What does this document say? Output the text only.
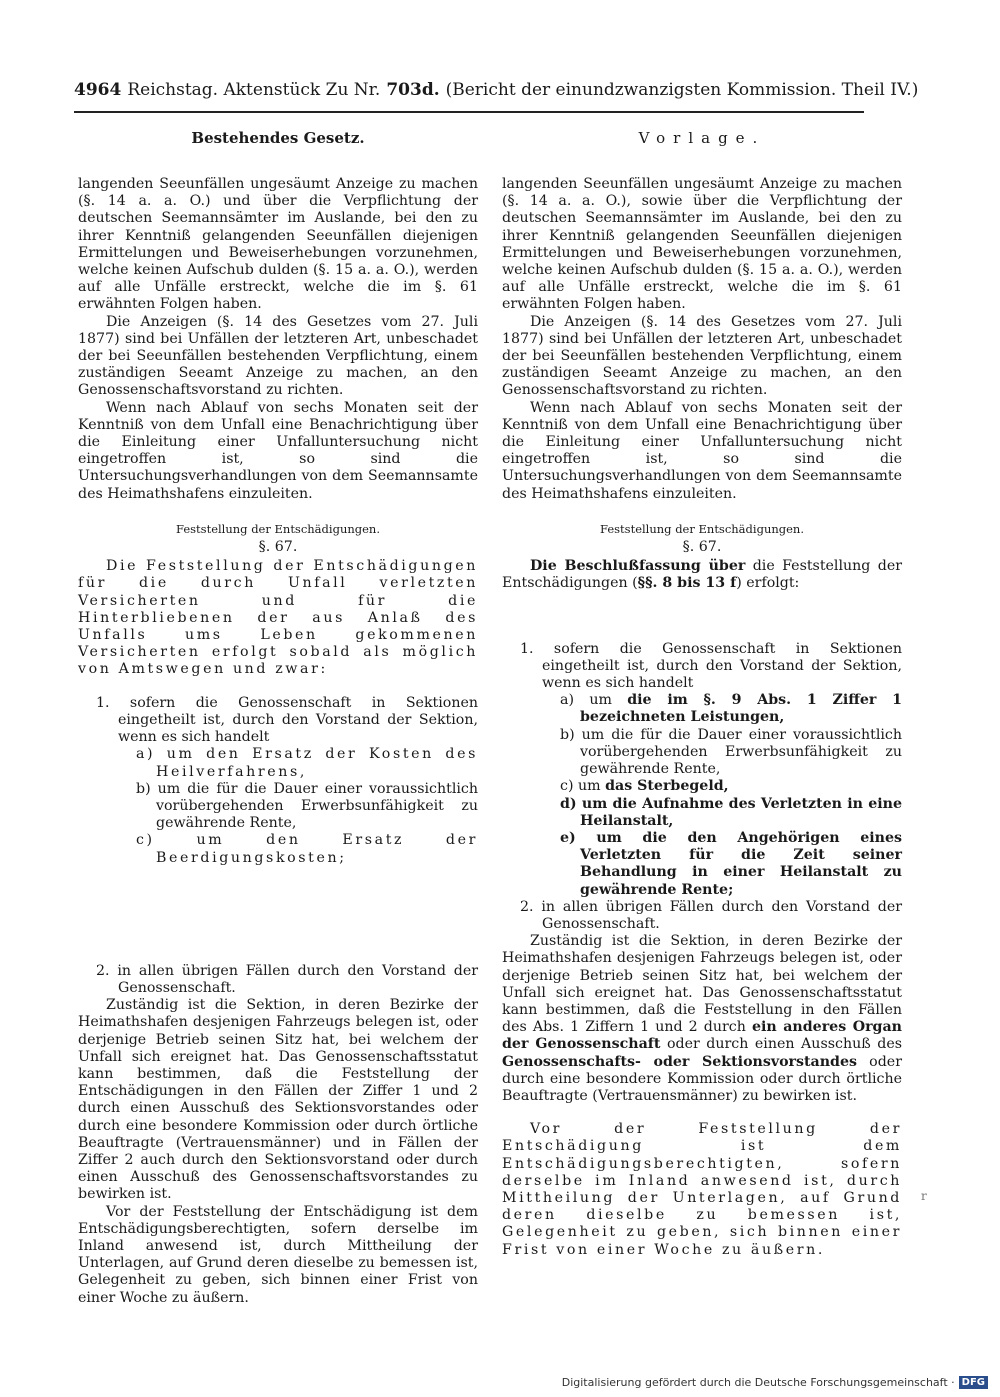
4964 Reichstag. Aktenstück Zu Nr. 703d. (Bericht der einundzwanzigsten Kommission. Theil IV.)
Bestehendes Gesetz.

langenden Seeunfällen ungesäumt Anzeige zu machen (§. 14 a. a. O.) und über die Verpflichtung der deutschen Seemannsämter im Auslande, bei den zu ihrer Kenntniß gelangenden Seeunfällen diejenigen Ermittelungen und Beweiserhebungen vorzunehmen, welche keinen Aufschub dulden (§. 15 a. a. O.), werden auf alle Unfälle erstreckt, welche die im §. 61 erwähnten Folgen haben.

Die Anzeigen (§. 14 des Gesetzes vom 27. Juli 1877) sind bei Unfällen der letzteren Art, unbeschadet der bei Seeunfällen bestehenden Verpflichtung, einem zuständigen Seeamt Anzeige zu machen, an den Genossenschaftsvorstand zu richten.

Wenn nach Ablauf von sechs Monaten seit der Kenntniß von dem Unfall eine Benachrichtigung über die Einleitung einer Unfalluntersuchung nicht eingetroffen ist, so sind die Untersuchungsverhandlungen von dem Seemannsamte des Heimathshafens einzuleiten.

Feststellung der Entschädigungen.
§. 67.

Die Feststellung der Entschädigungen für die durch Unfall verletzten Versicherten und für die Hinterbliebenen der aus Anlaß des Unfalls ums Leben gekommenen Versicherten erfolgt sobald als möglich von Amtswegen und zwar:

1. sofern die Genossenschaft in Sektionen eingetheilt ist, durch den Vorstand der Sektion, wenn es sich handelt

a) um den Ersatz der Kosten des Heilverfahrens,

b) um die für die Dauer einer voraussichtlich vorübergehenden Erwerbsunfähigkeit zu gewährende Rente,

c) um den Ersatz der Beerdigungskosten;

2. in allen übrigen Fällen durch den Vorstand der Genossenschaft.

Zuständig ist die Sektion, in deren Bezirke der Heimathshafen desjenigen Fahrzeugs belegen ist, oder derjenige Betrieb seinen Sitz hat, bei welchem der Unfall sich ereignet hat. Das Genossenschaftsstatut kann bestimmen, daß die Feststellung der Entschädigungen in den Fällen der Ziffer 1 und 2 durch einen Ausschuß des Sektionsvorstandes oder durch eine besondere Kommission oder durch örtliche Beauftragte (Vertrauensmänner) und in Fällen der Ziffer 2 auch durch den Sektionsvorstand oder durch einen Ausschuß des Genossenschaftsvorstandes zu bewirken ist.

Vor der Feststellung der Entschädigung ist dem Entschädigungsberechtigten, sofern derselbe im Inland anwesend ist, durch Mittheilung der Unterlagen, auf Grund deren dieselbe zu bemessen ist, Gelegenheit zu geben, sich binnen einer Frist von einer Woche zu äußern.

Vorlage.

langenden Seeunfällen ungesäumt Anzeige zu machen (§. 14 a. a. O.), sowie über die Verpflichtung der deutschen Seemannsämter im Auslande, bei den zu ihrer Kenntniß gelangenden Seeunfällen diejenigen Ermittelungen und Beweiserhebungen vorzunehmen, welche keinen Aufschub dulden (§. 15 a. a. O.), werden auf alle Unfälle erstreckt, welche die im §. 61 erwähnten Folgen haben.

Die Anzeigen (§. 14 des Gesetzes vom 27. Juli 1877) sind bei Unfällen der letzteren Art, unbeschadet der bei Seeunfällen bestehenden Verpflichtung, einem zuständigen Seeamt Anzeige zu machen, an den Genossenschaftsvorstand zu richten.

Wenn nach Ablauf von sechs Monaten seit der Kenntniß von dem Unfall eine Benachrichtigung über die Einleitung einer Unfalluntersuchung nicht eingetroffen ist, so sind die Untersuchungsverhandlungen von dem Seemannsamte des Heimathshafens einzuleiten.

Feststellung der Entschädigungen.
§. 67.

Die Beschlußfassung über die Feststellung der Entschädigungen (§§. 8 bis 13 f) erfolgt:

1. sofern die Genossenschaft in Sektionen eingetheilt ist, durch den Vorstand der Sektion, wenn es sich handelt

a) um die im §. 9 Abs. 1 Ziffer 1 bezeichneten Leistungen,

b) um die für die Dauer einer voraussichtlich vorübergehenden Erwerbsunfähigkeit zu gewährende Rente,

c) um das Sterbegeld,

d) um die Aufnahme des Verletzten in eine Heilanstalt,

e) um die den Angehörigen eines Verletzten für die Zeit seiner Behandlung in einer Heilanstalt zu gewährende Rente;

2. in allen übrigen Fällen durch den Vorstand der Genossenschaft.

Zuständig ist die Sektion, in deren Bezirke der Heimathshafen desjenigen Fahrzeugs belegen ist, oder derjenige Betrieb seinen Sitz hat, bei welchem der Unfall sich ereignet hat. Das Genossenschaftsstatut kann bestimmen, daß die Feststellung in den Fällen des Abs. 1 Ziffern 1 und 2 durch ein anderes Organ der Genossenschaft oder durch einen Ausschuß des Genossenschafts- oder Sektionsvorstandes oder durch eine besondere Kommission oder durch örtliche Beauftragte (Vertrauensmänner) zu bewirken ist.

Vor der Feststellung der Entschädigung ist dem Entschädigungsberechtigten, sofern derselbe im Inland anwesend ist, durch Mittheilung der Unterlagen, auf Grund deren dieselbe zu bemessen ist, Gelegenheit zu geben, sich binnen einer Frist von einer Woche zu äußern.

r
Digitalisierung gefördert durch die Deutsche Forschungsgemeinschaft · DFG
